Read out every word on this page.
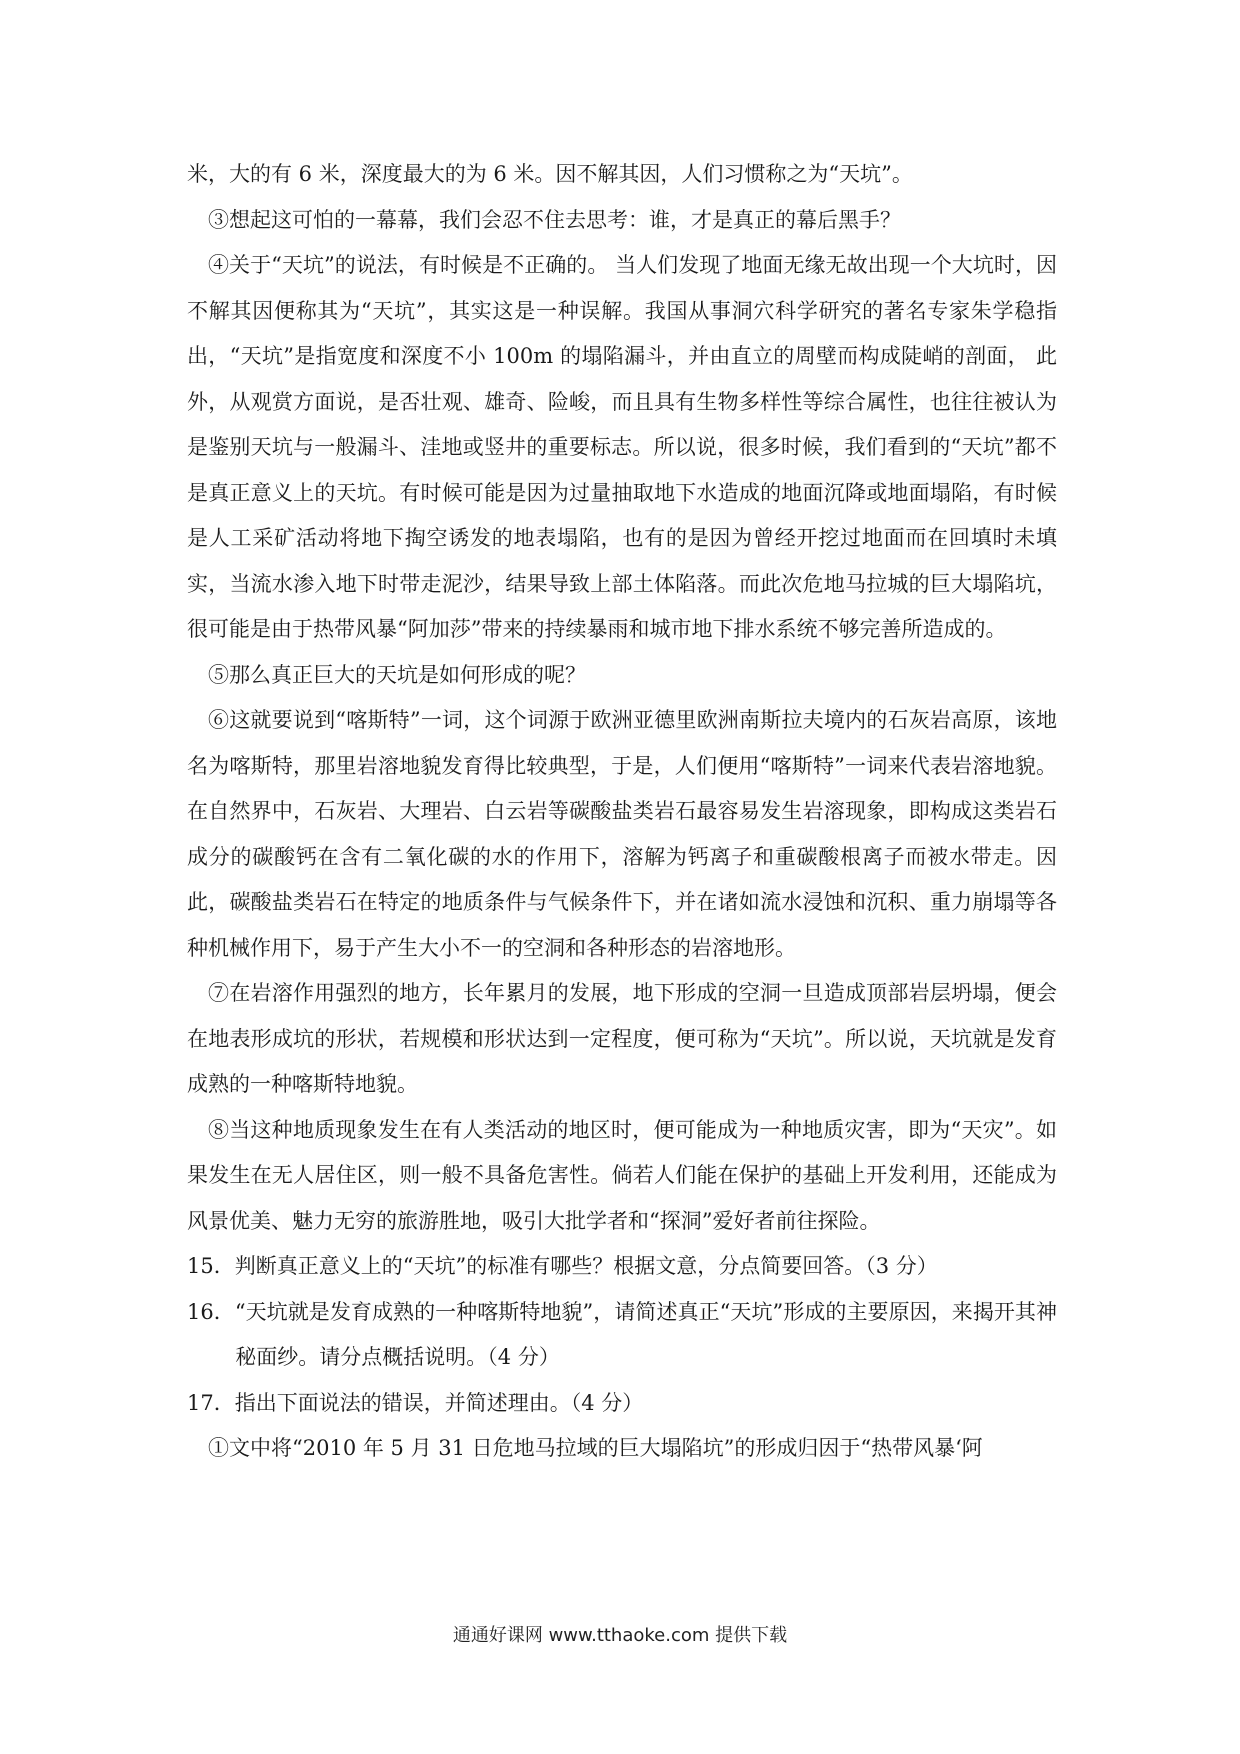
米，大的有 6 米，深度最大的为 6 米。因不解其因，人们习惯称之为“天坑”。

③想起这可怕的一幕幕，我们会忍不住去思考：谁，才是真正的幕后黑手？

④关于“天坑”的说法，有时候是不正确的。 当人们发现了地面无缘无故出现一个大坑时，因不解其因便称其为“天坑”，其实这是一种误解。我国从事洞穴科学研究的著名专家朱学稳指出，“天坑”是指宽度和深度不小 100m 的塌陷漏斗，并由直立的周壁而构成陡峭的剖面， 此外，从观赏方面说，是否壮观、雄奇、险峻，而且具有生物多样性等综合属性，也往往被认为是鉴别天坑与一般漏斗、洼地或竖井的重要标志。所以说，很多时候，我们看到的“天坑”都不是真正意义上的天坑。有时候可能是因为过量抽取地下水造成的地面沉降或地面塌陷，有时候是人工采矿活动将地下掏空诱发的地表塌陷，也有的是因为曾经开挖过地面而在回填时未填实，当流水渗入地下时带走泥沙，结果导致上部土体陷落。而此次危地马拉城的巨大塌陷坑，很可能是由于热带风暴“阿加莎”带来的持续暴雨和城市地下排水系统不够完善所造成的。

⑤那么真正巨大的天坑是如何形成的呢？

⑥这就要说到“喀斯特”一词，这个词源于欧洲亚德里欧洲南斯拉夫境内的石灰岩高原，该地名为喀斯特，那里岩溶地貌发育得比较典型，于是，人们便用“喀斯特”一词来代表岩溶地貌。在自然界中，石灰岩、大理岩、白云岩等碳酸盐类岩石最容易发生岩溶现象，即构成这类岩石成分的碳酸钙在含有二氧化碳的水的作用下，溶解为钙离子和重碳酸根离子而被水带走。因此，碳酸盐类岩石在特定的地质条件与气候条件下，并在诸如流水浸蚀和沉积、重力崩塌等各种机械作用下，易于产生大小不一的空洞和各种形态的岩溶地形。

⑦在岩溶作用强烈的地方，长年累月的发展，地下形成的空洞一旦造成顶部岩层坍塌，便会在地表形成坑的形状，若规模和形状达到一定程度，便可称为“天坑”。所以说，天坑就是发育成熟的一种喀斯特地貌。

⑧当这种地质现象发生在有人类活动的地区时，便可能成为一种地质灾害，即为“天灾”。如果发生在无人居住区，则一般不具备危害性。倘若人们能在保护的基础上开发利用，还能成为风景优美、魅力无穷的旅游胜地，吸引大批学者和“探洞”爱好者前往探险。

15．判断真正意义上的“天坑”的标准有哪些？根据文意，分点简要回答。（3 分）

16．“天坑就是发育成熟的一种喀斯特地貌”，请简述真正“天坑”形成的主要原因，来揭开其神秘面纱。请分点概括说明。（4 分）

17．指出下面说法的错误，并简述理由。（4 分）

①文中将“2010 年 5 月 31 日危地马拉域的巨大塌陷坑”的形成归因于“热带风暴‘阿

通通好课网 www.tthaoke.com 提供下载
